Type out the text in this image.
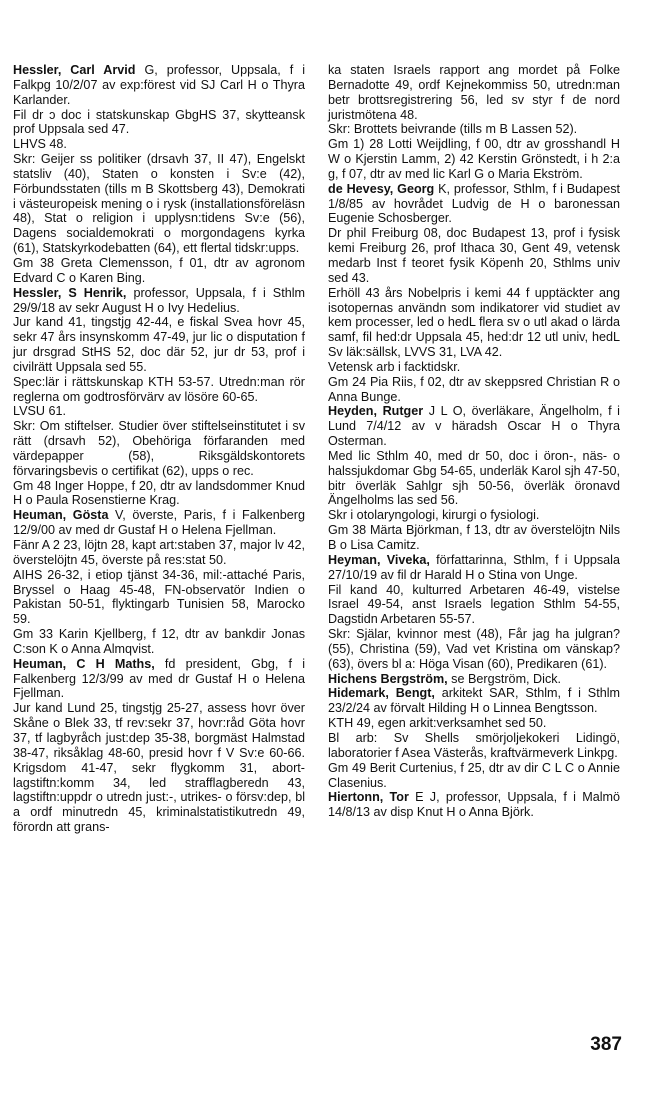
Hessler, Carl Arvid G, professor, Uppsala, f i Falkpg 10/2/07 av exp:förest vid SJ Carl H o Thyra Karlander.

Fil dr ↄ doc i statskunskap GbgHS 37, skytteansk prof Uppsala sed 47.

LHVS 48.

Skr: Geijer ss politiker (drsavh 37, II 47), Engelskt statsliv (40), Staten o konsten i Sv:e (42), Förbundsstaten (tills m B Skottsberg 43), Demokrati i västeuropeisk mening o i rysk (installationsföreläsn 48), Stat o religion i upplysn:tidens Sv:e (56), Dagens socialdemokrati o morgondagens kyrka (61), Statskyrkodebatten (64), ett flertal tidskr:upps.

Gm 38 Greta Clemensson, f 01, dtr av agronom Edvard C o Karen Bing.

Hessler, S Henrik, professor, Uppsala, f i Sthlm 29/9/18 av sekr August H o Ivy Hedelius.

Jur kand 41, tingstjg 42-44, e fiskal Svea hovr 45, sekr 47 års insynskomm 47-49, jur lic o disputation f jur drsgrad StHS 52, doc där 52, jur dr 53, prof i civilrätt Uppsala sed 55.

Spec:lär i rättskunskap KTH 53-57. Utredn:man rör reglerna om godtrosförvärv av lösöre 60-65.

LVSU 61.

Skr: Om stiftelser. Studier över stiftelseinstitutet i sv rätt (drsavh 52), Obehöriga förfaranden med värdepapper (58), Riksgäldskontorets förvaringsbevis o certifikat (62), upps o rec.

Gm 48 Inger Hoppe, f 20, dtr av landsdommer Knud H o Paula Rosenstierne Krag.

Heuman, Gösta V, överste, Paris, f i Falkenberg 12/9/00 av med dr Gustaf H o Helena Fjellman.

Fänr A 2 23, löjtn 28, kapt art:staben 37, major lv 42, överstelöjtn 45, överste på res:stat 50.

AIHS 26-32, i etiop tjänst 34-36, mil:-attaché Paris, Bryssel o Haag 45-48, FN-observatör Indien o Pakistan 50-51, flyktingarb Tunisien 58, Marocko 59.

Gm 33 Karin Kjellberg, f 12, dtr av bankdir Jonas C:son K o Anna Almqvist.

Heuman, C H Maths, fd president, Gbg, f i Falkenberg 12/3/99 av med dr Gustaf H o Helena Fjellman.

Jur kand Lund 25, tingstjg 25-27, assess hovr över Skåne o Blek 33, tf rev:sekr 37, hovr:råd Göta hovr 37, tf lagbyråch just:dep 35-38, borgmäst Halmstad 38-47, riksåklag 48-60, presid hovr f V Sv:e 60-66. Krigsdom 41-47, sekr flygkomm 31, abort-lagstiftn:komm 34, led strafflagberedn 43, lagstiftn:uppdr o utredn just:-, utrikes- o försv:dep, bl a ordf minutredn 45, kriminalstatistikutredn 49, förordn att grans-

ka staten Israels rapport ang mordet på Folke Bernadotte 49, ordf Kejnekommiss 50, utredn:man betr brottsregistrering 56, led sv styr f de nord juristmötena 48.

Skr: Brottets beivrande (tills m B Lassen 52).

Gm 1) 28 Lotti Weijdling, f 00, dtr av grosshandl H W o Kjerstin Lamm, 2) 42 Kerstin Grönstedt, i h 2:a g, f 07, dtr av med lic Karl G o Maria Ekström.

de Hevesy, Georg K, professor, Sthlm, f i Budapest 1/8/85 av hovrådet Ludvig de H o baronessan Eugenie Schosberger.

Dr phil Freiburg 08, doc Budapest 13, prof i fysisk kemi Freiburg 26, prof Ithaca 30, Gent 49, vetensk medarb Inst f teoret fysik Köpenh 20, Sthlms univ sed 43.

Erhöll 43 års Nobelpris i kemi 44 f upptäckter ang isotopernas användn som indikatorer vid studiet av kem processer, led o hedL flera sv o utl akad o lärda samf, fil hed:dr Uppsala 45, hed:dr 12 utl univ, hedL Sv läk:sällsk, LVVS 31, LVA 42.

Vetensk arb i facktidskr.

Gm 24 Pia Riis, f 02, dtr av skeppsred Christian R o Anna Bunge.

Heyden, Rutger J L O, överläkare, Ängelholm, f i Lund 7/4/12 av v häradsh Oscar H o Thyra Osterman.

Med lic Sthlm 40, med dr 50, doc i öron-, näs- o halssjukdomar Gbg 54-65, underläk Karol sjh 47-50, bitr överläk Sahlgr sjh 50-56, överläk öronavd Ängelholms las sed 56.

Skr i otolaryngologi, kirurgi o fysiologi.

Gm 38 Märta Björkman, f 13, dtr av överstelöjtn Nils B o Lisa Camitz.

Heyman, Viveka, författarinna, Sthlm, f i Uppsala 27/10/19 av fil dr Harald H o Stina von Unge.

Fil kand 40, kulturred Arbetaren 46-49, vistelse Israel 49-54, anst Israels legation Sthlm 54-55, Dagstidn Arbetaren 55-57.

Skr: Själar, kvinnor mest (48), Får jag ha julgran? (55), Christina (59), Vad vet Kristina om vänskap? (63), övers bl a: Höga Visan (60), Predikaren (61).

Hichens Bergström, se Bergström, Dick.

Hidemark, Bengt, arkitekt SAR, Sthlm, f i Sthlm 23/2/24 av förvalt Hilding H o Linnea Bengtsson.

KTH 49, egen arkit:verksamhet sed 50.

Bl arb: Sv Shells smörjoljekokeri Lidingö, laboratorier f Asea Västerås, kraftvärmeverk Linkpg.

Gm 49 Berit Curtenius, f 25, dtr av dir C L C o Annie Clasenius.

Hiertonn, Tor E J, professor, Uppsala, f i Malmö 14/8/13 av disp Knut H o Anna Björk.

387
